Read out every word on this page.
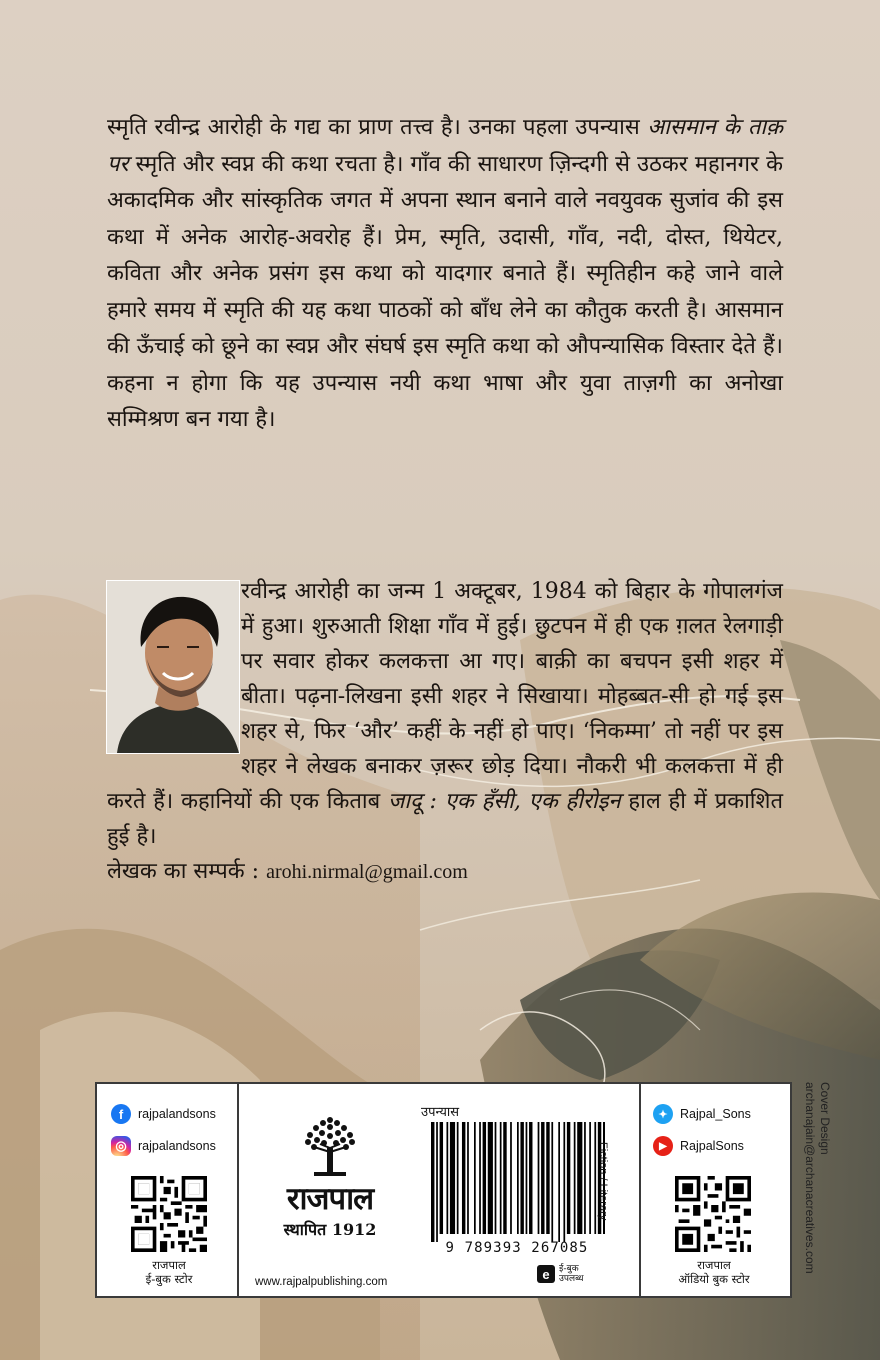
स्मृति रवीन्द्र आरोही के गद्य का प्राण तत्त्व है। उनका पहला उपन्यास आसमान के ताक़ पर स्मृति और स्वप्न की कथा रचता है। गाँव की साधारण ज़िन्दगी से उठकर महानगर के अकादमिक और सांस्कृतिक जगत में अपना स्थान बनाने वाले नवयुवक सुजांव की इस कथा में अनेक आरोह-अवरोह हैं। प्रेम, स्मृति, उदासी, गाँव, नदी, दोस्त, थियेटर, कविता और अनेक प्रसंग इस कथा को यादगार बनाते हैं। स्मृतिहीन कहे जाने वाले हमारे समय में स्मृति की यह कथा पाठकों को बाँध लेने का कौतुक करती है। आसमान की ऊँचाई को छूने का स्वप्न और संघर्ष इस स्मृति कथा को औपन्यासिक विस्तार देते हैं। कहना न होगा कि यह उपन्यास नयी कथा भाषा और युवा ताज़गी का अनोखा सम्मिश्रण बन गया है।
रवीन्द्र आरोही का जन्म 1 अक्टूबर, 1984 को बिहार के गोपालगंज में हुआ। शुरुआती शिक्षा गाँव में हुई। छुटपन में ही एक ग़लत रेलगाड़ी पर सवार होकर कलकत्ता आ गए। बाक़ी का बचपन इसी शहर में बीता। पढ़ना-लिखना इसी शहर ने सिखाया। मोहब्बत-सी हो गई इस शहर से, फिर ‘और’ कहीं के नहीं हो पाए। ‘निकम्मा’ तो नहीं पर इस शहर ने लेखक बनाकर ज़रूर छोड़ दिया। नौकरी भी कलकत्ता में ही करते हैं। कहानियों की एक किताब जादू : एक हँसी, एक हीरोइन हाल ही में प्रकाशित हुई है।
लेखक का सम्पर्क : arohi.nirmal@gmail.com
f	rajpalandsons
◎ rajpalandsons
राजपाल
ई-बुक स्टोर
राजपाल
स्थापित 1912
www.rajpalpublishing.com
उपन्यास
9 789393 267085
Fiction / Literary
e	ई-बुक
उपलब्ध
✦ Rajpal_Sons
▶	RajpalSons
राजपाल
ऑडियो बुक स्टोर
Cover Design
archanajain@archanacreatives.com
